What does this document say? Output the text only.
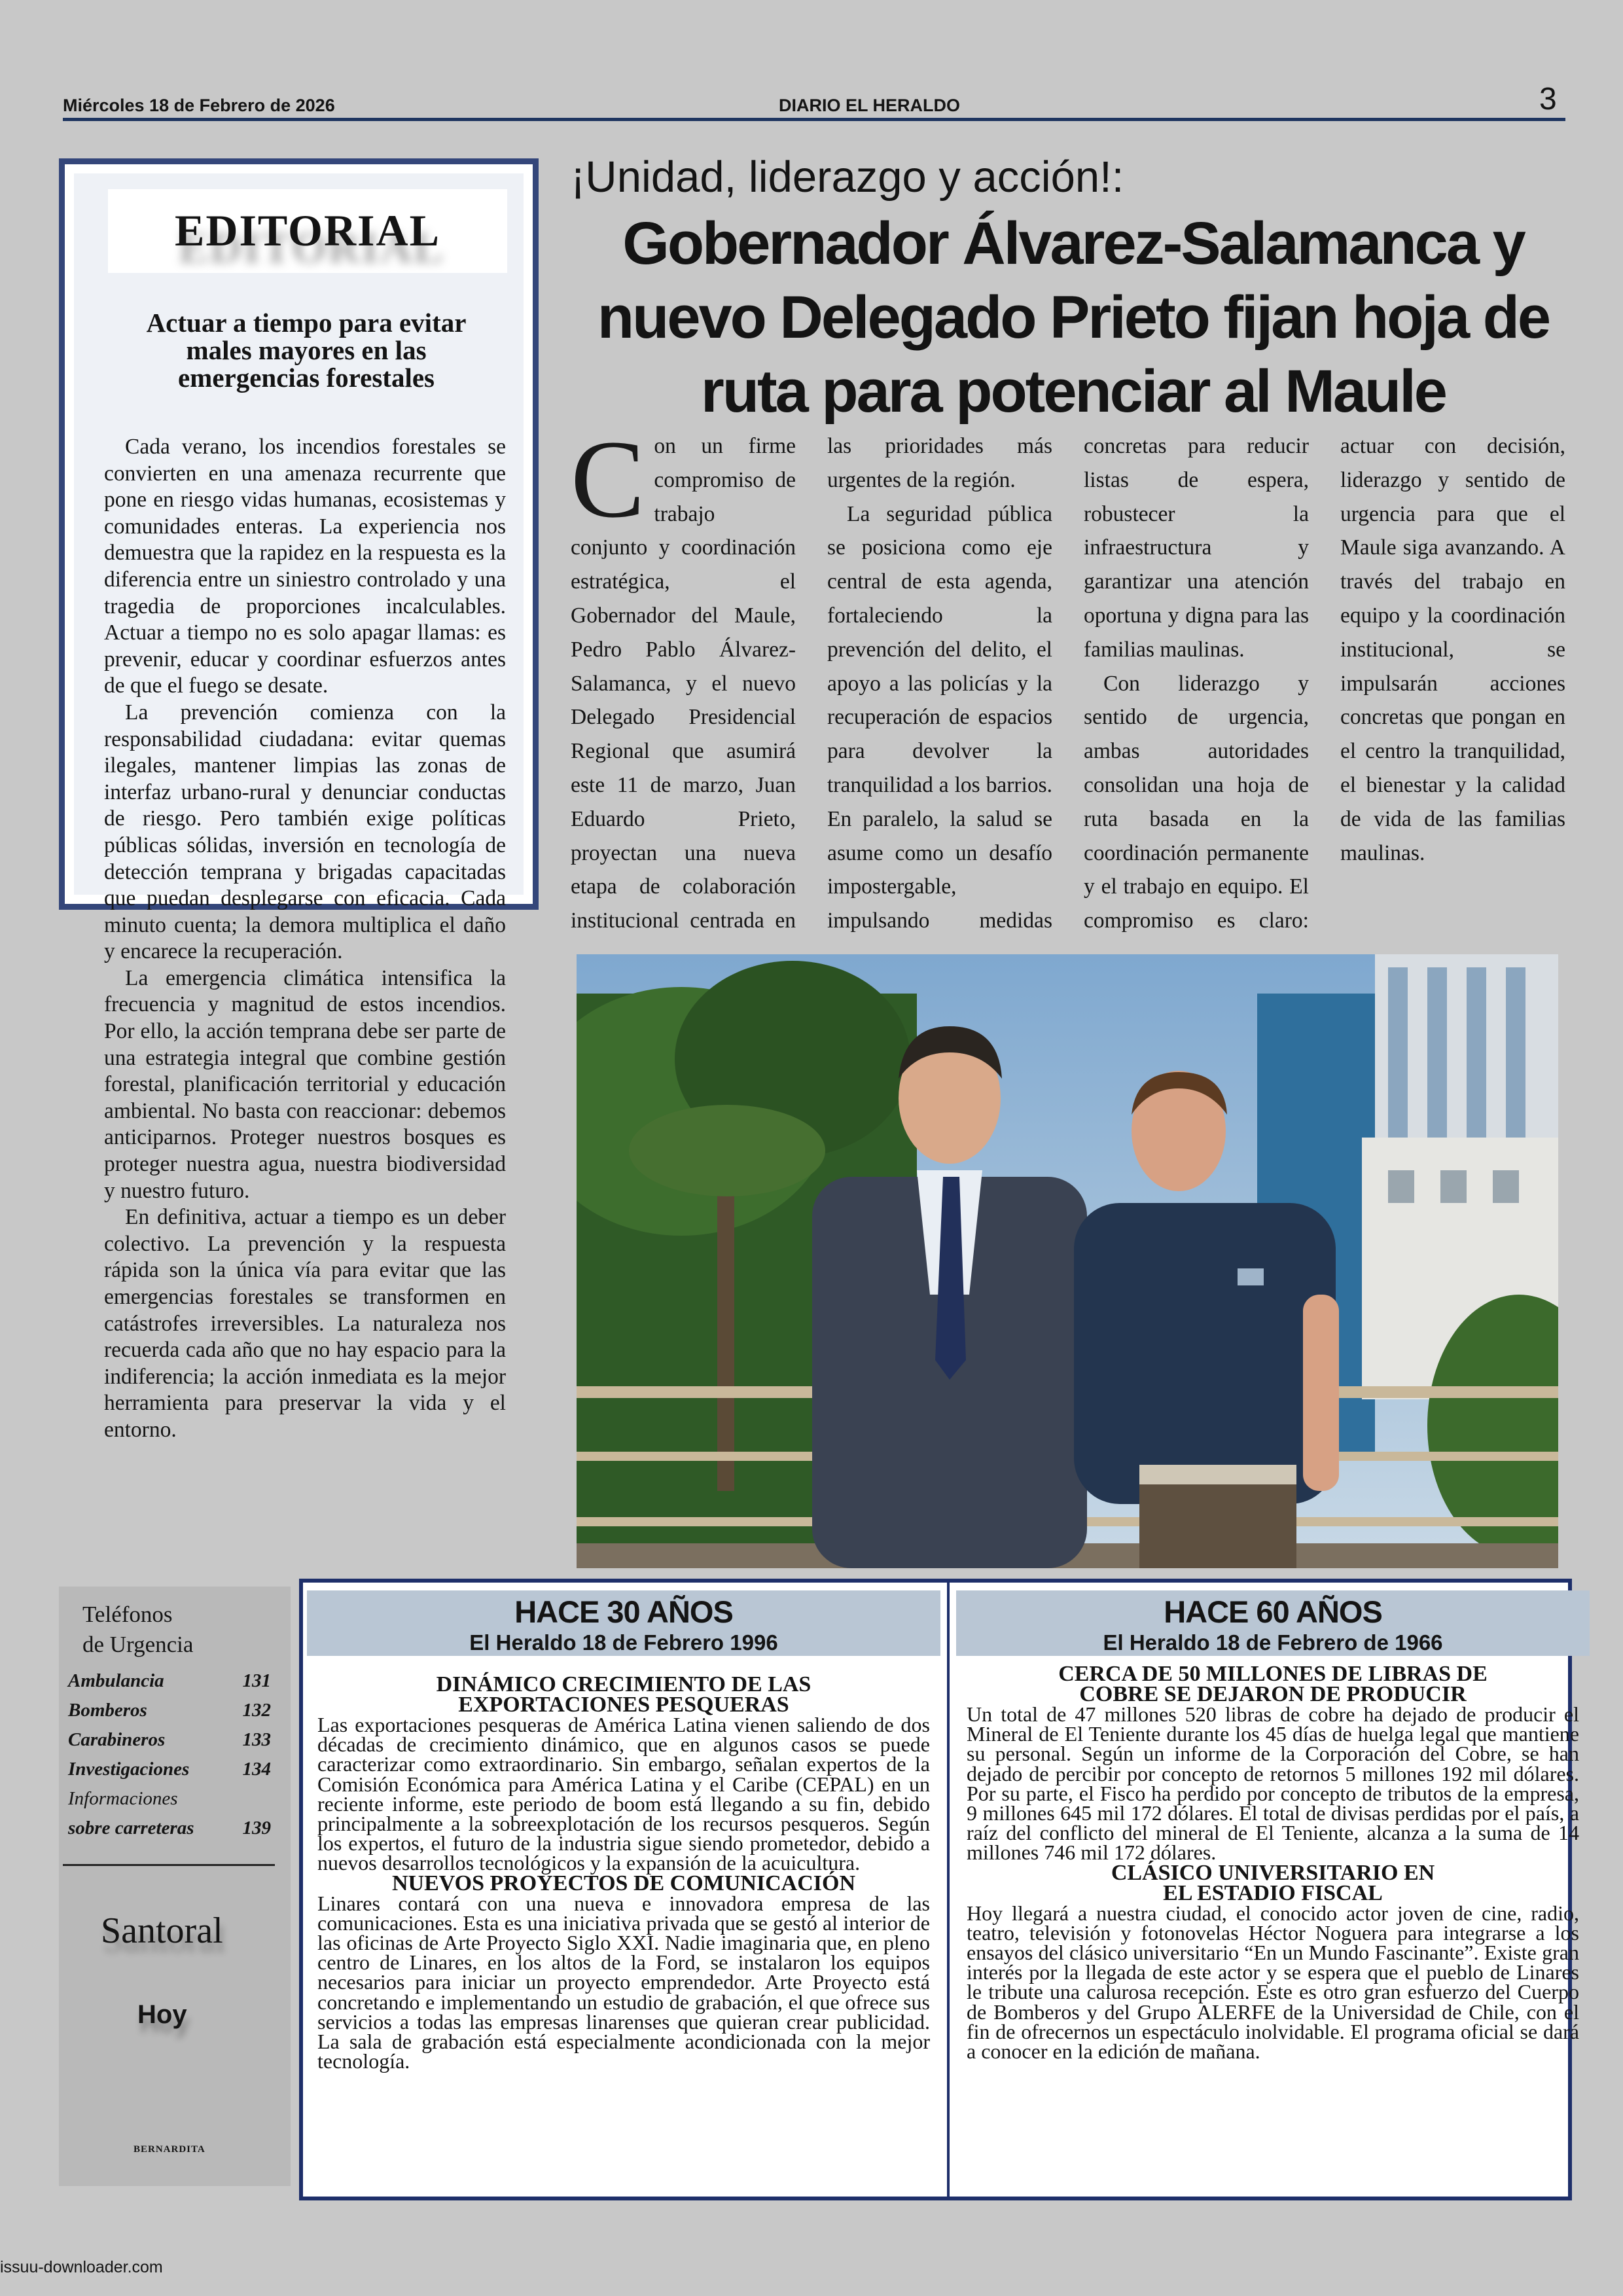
Miércoles 18 de Febrero de 2026	DIARIO EL HERALDO	3
EDITORIAL
Actuar a tiempo para evitar males mayores en las emergencias forestales

Cada verano, los incendios forestales se convierten en una amenaza recurrente que pone en riesgo vidas humanas, ecosistemas y comunidades enteras. La experiencia nos demuestra que la rapidez en la respuesta es la diferencia entre un siniestro controlado y una tragedia de proporciones incalculables. Actuar a tiempo no es solo apagar llamas: es prevenir, educar y coordinar esfuerzos antes de que el fuego se desate.

La prevención comienza con la responsabilidad ciudadana: evitar quemas ilegales, mantener limpias las zonas de interfaz urbano-rural y denunciar conductas de riesgo. Pero también exige políticas públicas sólidas, inversión en tecnología de detección temprana y brigadas capacitadas que puedan desplegarse con eficacia. Cada minuto cuenta; la demora multiplica el daño y encarece la recuperación.

La emergencia climática intensifica la frecuencia y magnitud de estos incendios. Por ello, la acción temprana debe ser parte de una estrategia integral que combine gestión forestal, planificación territorial y educación ambiental. No basta con reaccionar: debemos anticiparnos. Proteger nuestros bosques es proteger nuestra agua, nuestra biodiversidad y nuestro futuro.

En definitiva, actuar a tiempo es un deber colectivo. La prevención y la respuesta rápida son la única vía para evitar que las emergencias forestales se transformen en catástrofes irreversibles. La naturaleza nos recuerda cada año que no hay espacio para la indiferencia; la acción inmediata es la mejor herramienta para preservar la vida y el entorno.

¡Unidad, liderazgo y acción!:
Gobernador Álvarez-Salamanca y nuevo Delegado Prieto fijan hoja de ruta para potenciar al Maule

Con un firme compromiso de trabajo conjunto y coordinación estratégica, el Gobernador del Maule, Pedro Pablo Álvarez-Salamanca, y el nuevo Delegado Presidencial Regional que asumirá este 11 de marzo, Juan Eduardo Prieto, proyectan una nueva etapa de colaboración institucional centrada en las prioridades más urgentes de la región.

La seguridad pública se posiciona como eje central de esta agenda, fortaleciendo la prevención del delito, el apoyo a las policías y la recuperación de espacios para devolver la tranquilidad a los barrios. En paralelo, la salud se asume como un desafío impostergable, impulsando medidas concretas para reducir listas de espera, robustecer la infraestructura y garantizar una atención oportuna y digna para las familias maulinas.

Con liderazgo y sentido de urgencia, ambas autoridades consolidan una hoja de ruta basada en la coordinación permanente y el trabajo en equipo. El compromiso es claro: actuar con decisión, liderazgo y sentido de urgencia para que el Maule siga avanzando. A través del trabajo en equipo y la coordinación institucional, se impulsarán acciones concretas que pongan en el centro la tranquilidad, el bienestar y la calidad de vida de las familias maulinas.

Teléfonos
de Urgencia
Ambulancia	131
Bomberos	132
Carabineros	133
Investigaciones	134
Informaciones
sobre carreteras	139
Santoral
Hoy
BERNARDITA
HACE 30 AÑOS
El Heraldo 18 de Febrero 1996

DINÁMICO CRECIMIENTO DE LAS EXPORTACIONES PESQUERAS

Las exportaciones pesqueras de América Latina vienen saliendo de dos décadas de crecimiento dinámico, que en algunos casos se puede caracterizar como extraordinario. Sin embargo, señalan expertos de la Comisión Económica para América Latina y el Caribe (CEPAL) en un reciente informe, este periodo de boom está llegando a su fin, debido principalmente a la sobreexplotación de los recursos pesqueros. Según los expertos, el futuro de la industria sigue siendo prometedor, debido a nuevos desarrollos tecnológicos y la expansión de la acuicultura.

NUEVOS PROYECTOS DE COMUNICACIÓN

Linares contará con una nueva e innovadora empresa de las comunicaciones. Esta es una iniciativa privada que se gestó al interior de las oficinas de Arte Proyecto Siglo XXI. Nadie imaginaria que, en pleno centro de Linares, en los altos de la Ford, se instalaron los equipos necesarios para iniciar un proyecto emprendedor. Arte Proyecto está concretando e implementando un estudio de grabación, el que ofrece sus servicios a todas las empresas linarenses que quieran crear publicidad. La sala de grabación está especialmente acondicionada con la mejor tecnología.

HACE 60 AÑOS
El Heraldo 18 de Febrero de 1966

CERCA DE 50 MILLONES DE LIBRAS DE COBRE SE DEJARON DE PRODUCIR

Un total de 47 millones 520 libras de cobre ha dejado de producir el Mineral de El Teniente durante los 45 días de huelga legal que mantiene su personal. Según un informe de la Corporación del Cobre, se han dejado de percibir por concepto de retornos 5 millones 192 mil dólares. Por su parte, el Fisco ha perdido por concepto de tributos de la empresa, 9 millones 645 mil 172 dólares. El total de divisas perdidas por el país, a raíz del conflicto del mineral de El Teniente, alcanza a la suma de 14 millones 746 mil 172 dólares.

CLÁSICO UNIVERSITARIO EN EL ESTADIO FISCAL

Hoy llegará a nuestra ciudad, el conocido actor joven de cine, radio, teatro, televisión y fotonovelas Héctor Noguera para integrarse a los ensayos del clásico universitario “En un Mundo Fascinante”. Existe gran interés por la llegada de este actor y se espera que el pueblo de Linares le tribute una calurosa recepción. Este es otro gran esfuerzo del Cuerpo de Bomberos y del Grupo ALERFE de la Universidad de Chile, con el fin de ofrecernos un espectáculo inolvidable. El programa oficial se dará a conocer en la edición de mañana.

issuu-downloader.com
